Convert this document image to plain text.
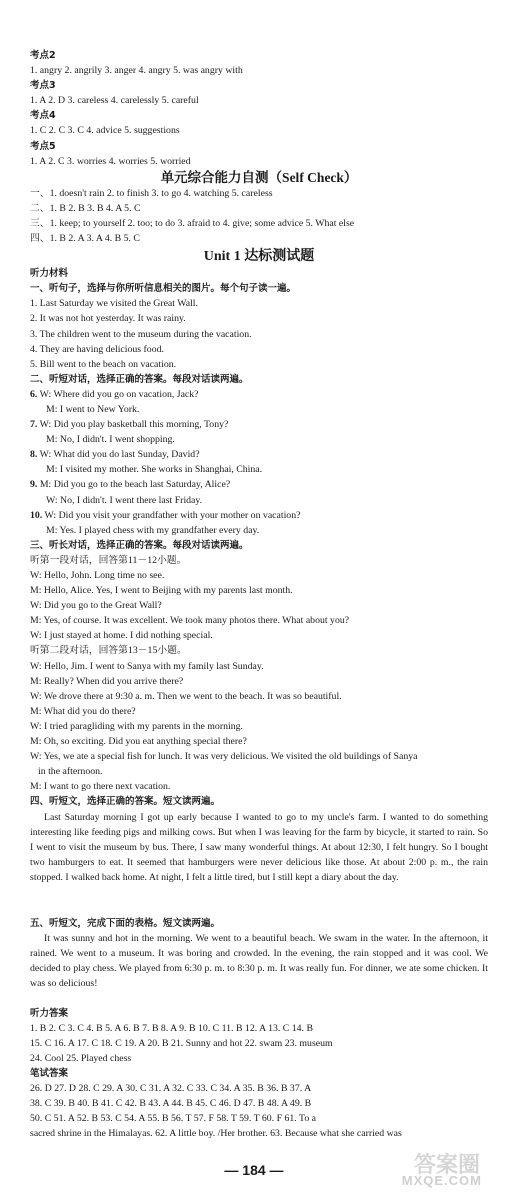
考点2
1. angry 2. angrily 3. anger 4. angry 5. was angry with
考点3
1. A 2. D 3. careless 4. carelessly 5. careful
考点4
1. C 2. C 3. C 4. advice 5. suggestions
考点5
1. A 2. C 3. worries 4. worries 5. worried
单元综合能力自测（Self Check）
一、1. doesn't rain 2. to finish 3. to go 4. watching 5. careless
二、1. B 2. B 3. B 4. A 5. C
三、1. keep; to yourself 2. too; to do 3. afraid to 4. give; some advice 5. What else
四、1. B 2. A 3. A 4. B 5. C
Unit 1 达标测试题
听力材料
一、听句子，选择与你所听信息相关的图片。每个句子读一遍。
1. Last Saturday we visited the Great Wall.
2. It was not hot yesterday. It was rainy.
3. The children went to the museum during the vacation.
4. They are having delicious food.
5. Bill went to the beach on vacation.
二、听短对话，选择正确的答案。每段对话读两遍。
6. W: Where did you go on vacation, Jack?
M: I went to New York.
7. W: Did you play basketball this morning, Tony?
M: No, I didn't. I went shopping.
8. W: What did you do last Sunday, David?
M: I visited my mother. She works in Shanghai, China.
9. M: Did you go to the beach last Saturday, Alice?
W: No, I didn't. I went there last Friday.
10. W: Did you visit your grandfather with your mother on vacation?
M: Yes. I played chess with my grandfather every day.
三、听长对话，选择正确的答案。每段对话读两遍。
听第一段对话，回答第11－12小题。
W: Hello, John. Long time no see.
M: Hello, Alice. Yes, I went to Beijing with my parents last month.
W: Did you go to the Great Wall?
M: Yes, of course. It was excellent. We took many photos there. What about you?
W: I just stayed at home. I did nothing special.
听第二段对话，回答第13－15小题。
W: Hello, Jim. I went to Sanya with my family last Sunday.
M: Really? When did you arrive there?
W: We drove there at 9:30 a. m. Then we went to the beach. It was so beautiful.
M: What did you do there?
W: I tried paragliding with my parents in the morning.
M: Oh, so exciting. Did you eat anything special there?
W: Yes, we ate a special fish for lunch. It was very delicious. We visited the old buildings of Sanya
in the afternoon.
M: I want to go there next vacation.
四、听短文，选择正确的答案。短文读两遍。
Last Saturday morning I got up early because I wanted to go to my uncle's farm. I wanted to do something interesting like feeding pigs and milking cows. But when I was leaving for the farm by bicycle, it started to rain. So I went to visit the museum by bus. There, I saw many wonderful things. At about 12:30, I felt hungry. So I bought two hamburgers to eat. It seemed that hamburgers were never delicious like those. At about 2:00 p. m., the rain stopped. I walked back home. At night, I felt a little tired, but I still kept a diary about the day.
五、听短文，完成下面的表格。短文读两遍。
It was sunny and hot in the morning. We went to a beautiful beach. We swam in the water. In the afternoon, it rained. We went to a museum. It was boring and crowded. In the evening, the rain stopped and it was cool. We decided to play chess. We played from 6:30 p. m. to 8:30 p. m. It was really fun. For dinner, we ate some chicken. It was so delicious!
听力答案
1. B 2. C 3. C 4. B 5. A 6. B 7. B 8. A 9. B 10. C 11. B 12. A 13. C 14. B
15. C 16. A 17. C 18. C 19. A 20. B 21. Sunny and hot 22. swam 23. museum
24. Cool 25. Played chess
笔试答案
26. D 27. D 28. C 29. A 30. C 31. A 32. C 33. C 34. A 35. B 36. B 37. A
38. C 39. B 40. B 41. C 42. B 43. A 44. B 45. C 46. D 47. B 48. A 49. B
50. C 51. A 52. B 53. C 54. A 55. B 56. T 57. F 58. T 59. T 60. F 61. To a
sacred shrine in the Himalayas. 62. A little boy. /Her brother. 63. Because what she carried was
— 184 —	答案圈
MXQE.COM
